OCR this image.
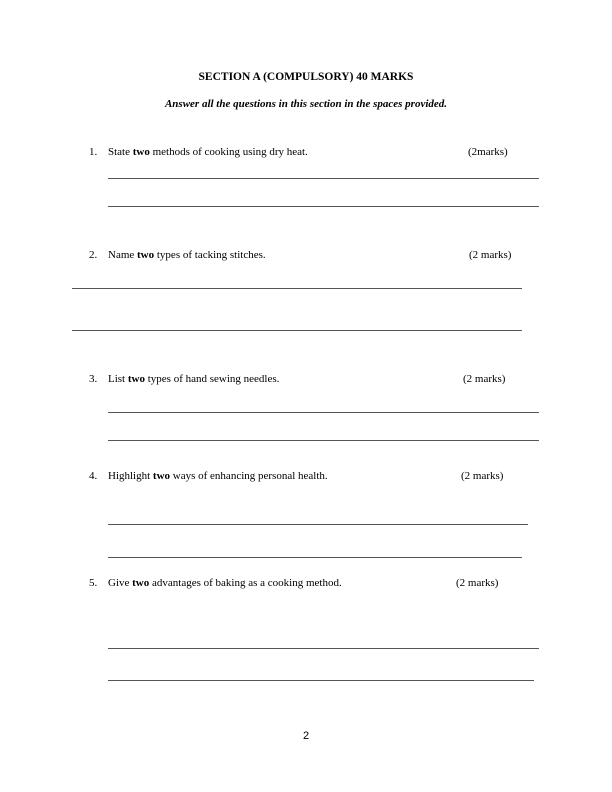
SECTION A (COMPULSORY) 40 MARKS
Answer all the questions in this section in the spaces provided.
1. State two methods of cooking using dry heat.	(2marks)
2. Name two types of tacking stitches.	(2 marks)
3. List two types of hand sewing needles.	(2 marks)
4. Highlight two ways of enhancing personal health.	(2 marks)
5. Give two advantages of baking as a cooking method.	(2 marks)
2
